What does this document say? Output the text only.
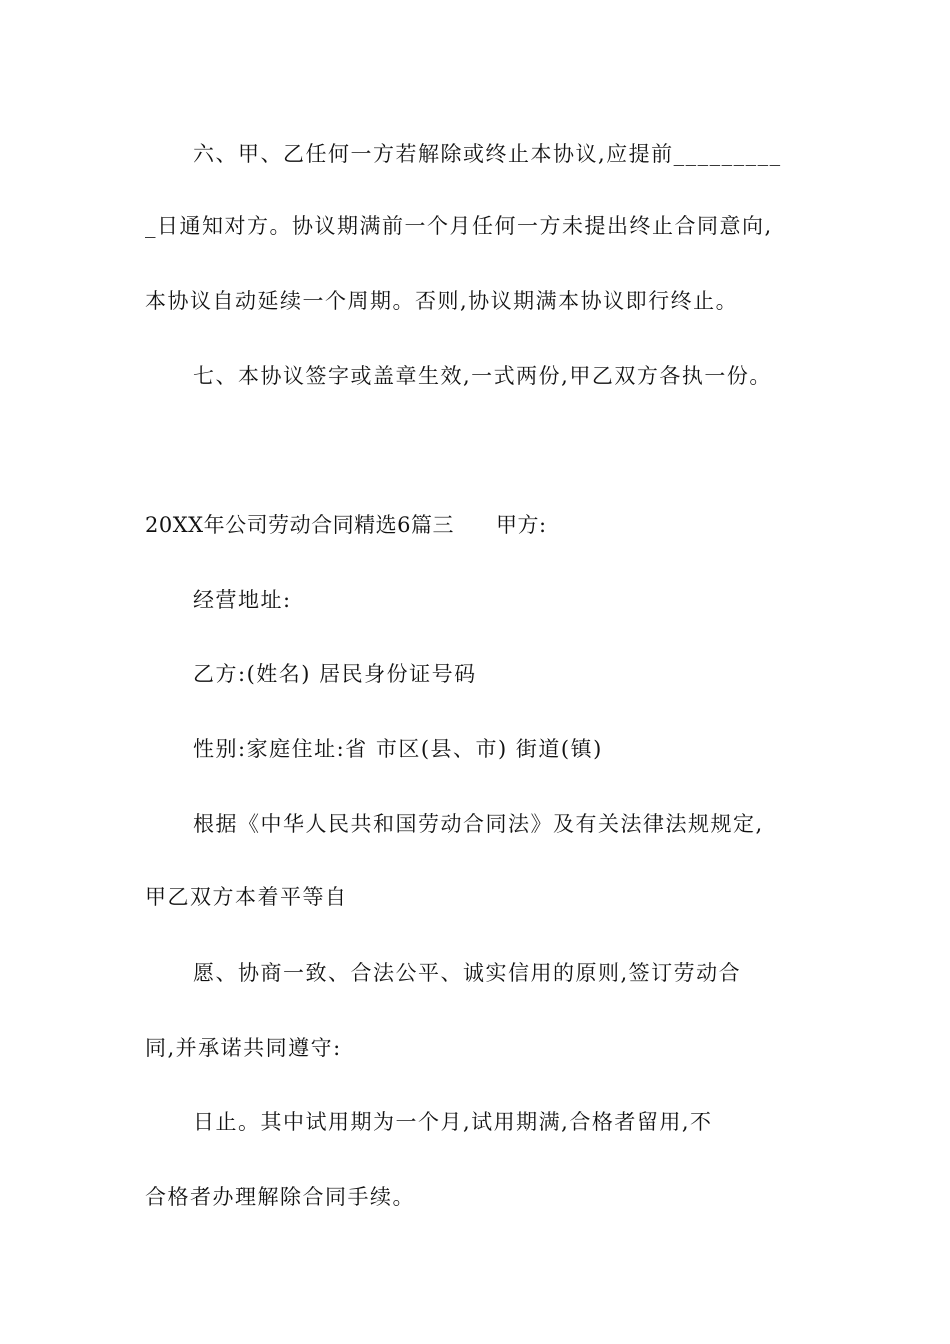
六、甲、乙任何一方若解除或终止本协议,应提前_________
_日通知对方。协议期满前一个月任何一方未提出终止合同意向,
本协议自动延续一个周期。否则,协议期满本协议即行终止。
七、本协议签字或盖章生效,一式两份,甲乙双方各执一份。
20XX年公司劳动合同精选6篇三 甲方:
经营地址:
乙方:(姓名) 居民身份证号码
性别:家庭住址:省 市区(县、市) 街道(镇)
根据《中华人民共和国劳动合同法》及有关法律法规规定,
甲乙双方本着平等自
愿、协商一致、合法公平、诚实信用的原则,签订劳动合
同,并承诺共同遵守:
日止。其中试用期为一个月,试用期满,合格者留用,不
合格者办理解除合同手续。
